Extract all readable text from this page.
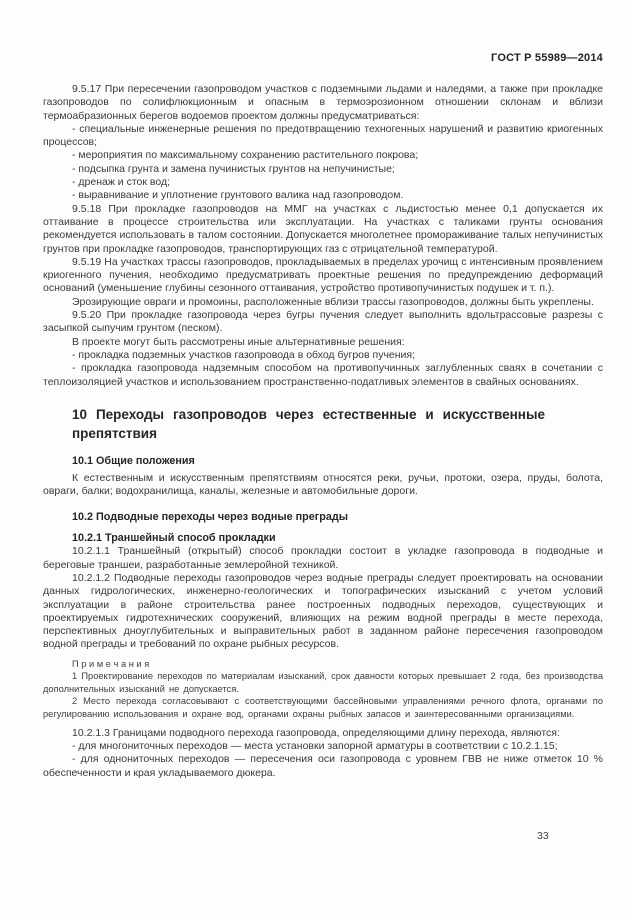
ГОСТ Р 55989—2014

9.5.17 При пересечении газопроводом участков с подземными льдами и наледями, а также при прокладке газопроводов по солифлюкционным и опасным в термоэрозионном отношении склонам и вблизи термоабразионных берегов водоемов проектом должны предусматриваться:

- специальные инженерные решения по предотвращению техногенных нарушений и развитию криогенных процессов;

- мероприятия по максимальному сохранению растительного покрова;

- подсыпка грунта и замена пучинистых грунтов на непучинистые;

- дренаж и сток вод;

- выравнивание и уплотнение грунтового валика над газопроводом.

9.5.18 При прокладке газопроводов на ММГ на участках с льдистостью менее 0,1 допускается их оттаивание в процессе строительства или эксплуатации. На участках с таликами грунты основания рекомендуется использовать в талом состоянии. Допускается многолетнее промораживание талых непучинистых грунтов при прокладке газопроводов, транспортирующих газ с отрицательной температурой.

9.5.19 На участках трассы газопроводов, прокладываемых в пределах урочищ с интенсивным проявлением криогенного пучения, необходимо предусматривать проектные решения по предупреждению деформаций оснований (уменьшение глубины сезонного оттаивания, устройство противопучинистых подушек и т. п.).

Эрозирующие овраги и промоины, расположенные вблизи трассы газопроводов, должны быть укреплены.

9.5.20 При прокладке газопровода через бугры пучения следует выполнить вдольтрассовые разрезы с засыпкой сыпучим грунтом (песком).

В проекте могут быть рассмотрены иные альтернативные решения:

- прокладка подземных участков газопровода в обход бугров пучения;

- прокладка газопровода надземным способом на противопучинных заглубленных сваях в сочетании с теплоизоляцией участков и использованием пространственно-податливых элементов в свайных основаниях.

10 Переходы газопроводов через естественные и искусственные препятствия

10.1 Общие положения

К естественным и искусственным препятствиям относятся реки, ручьи, протоки, озера, пруды, болота, овраги, балки; водохранилища, каналы, железные и автомобильные дороги.

10.2 Подводные переходы через водные преграды

10.2.1 Траншейный способ прокладки

10.2.1.1 Траншейный (открытый) способ прокладки состоит в укладке газопровода в подводные и береговые траншеи, разработанные землеройной техникой.

10.2.1.2 Подводные переходы газопроводов через водные преграды следует проектировать на основании данных гидрологических, инженерно-геологических и топографических изысканий с учетом условий эксплуатации в районе строительства ранее построенных подводных переходов, существующих и проектируемых гидротехнических сооружений, влияющих на режим водной преграды в месте перехода, перспективных дноуглубительных и выправительных работ в заданном районе пересечения газопроводом водной преграды и требований по охране рыбных ресурсов.

П р и м е ч а н и я

1 Проектирование переходов по материалам изысканий, срок давности которых превышает 2 года, без производства дополнительных изысканий не допускается.

2 Место перехода согласовывают с соответствующими бассейновыми управлениями речного флота, органами по регулированию использования и охране вод, органами охраны рыбных запасов и заинтересованными организациями.

10.2.1.3 Границами подводного перехода газопровода, определяющими длину перехода, являются:

- для многониточных переходов — места установки запорной арматуры в соответствии с 10.2.1.15;

- для однониточных переходов — пересечения оси газопровода с уровнем ГВВ не ниже отметок 10 % обеспеченности и края укладываемого дюкера.

33
